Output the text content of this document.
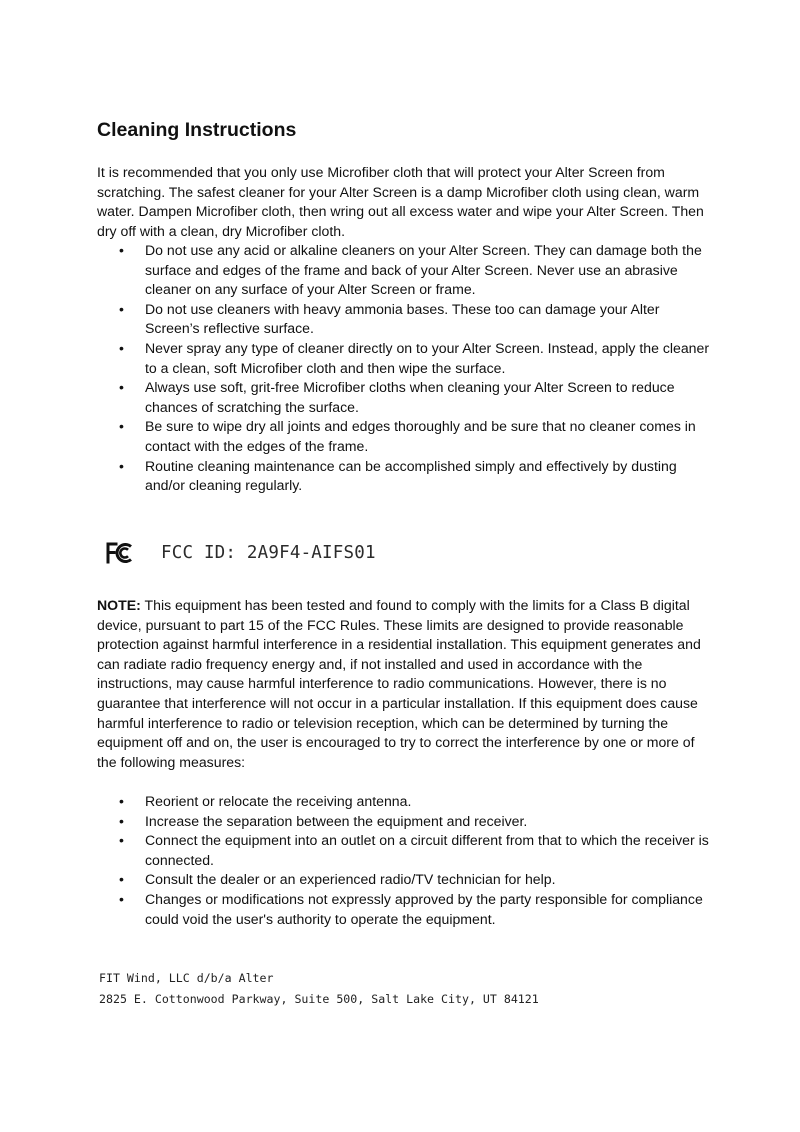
Cleaning Instructions

It is recommended that you only use Microfiber cloth that will protect your Alter Screen from scratching. The safest cleaner for your Alter Screen is a damp Microfiber cloth using clean, warm water. Dampen Microfiber cloth, then wring out all excess water and wipe your Alter Screen. Then dry off with a clean, dry Microfiber cloth.

• Do not use any acid or alkaline cleaners on your Alter Screen. They can damage both the surface and edges of the frame and back of your Alter Screen. Never use an abrasive cleaner on any surface of your Alter Screen or frame.
• Do not use cleaners with heavy ammonia bases. These too can damage your Alter Screen’s reflective surface.
• Never spray any type of cleaner directly on to your Alter Screen. Instead, apply the cleaner to a clean, soft Microfiber cloth and then wipe the surface.
• Always use soft, grit-free Microfiber cloths when cleaning your Alter Screen to reduce chances of scratching the surface.
• Be sure to wipe dry all joints and edges thoroughly and be sure that no cleaner comes in contact with the edges of the frame.
• Routine cleaning maintenance can be accomplished simply and effectively by dusting and/or cleaning regularly.
FCC ID: 2A9F4-AIFS01

NOTE: This equipment has been tested and found to comply with the limits for a Class B digital device, pursuant to part 15 of the FCC Rules. These limits are designed to provide reasonable protection against harmful interference in a residential installation. This equipment generates and can radiate radio frequency energy and, if not installed and used in accordance with the instructions, may cause harmful interference to radio communications. However, there is no guarantee that interference will not occur in a particular installation. If this equipment does cause harmful interference to radio or television reception, which can be determined by turning the equipment off and on, the user is encouraged to try to correct the interference by one or more of the following measures:

• Reorient or relocate the receiving antenna.
• Increase the separation between the equipment and receiver.
• Connect the equipment into an outlet on a circuit different from that to which the receiver is connected.
• Consult the dealer or an experienced radio/TV technician for help.
• Changes or modifications not expressly approved by the party responsible for compliance could void the user's authority to operate the equipment.
FIT Wind, LLC d/b/a Alter
2825 E. Cottonwood Parkway, Suite 500, Salt Lake City, UT 84121
